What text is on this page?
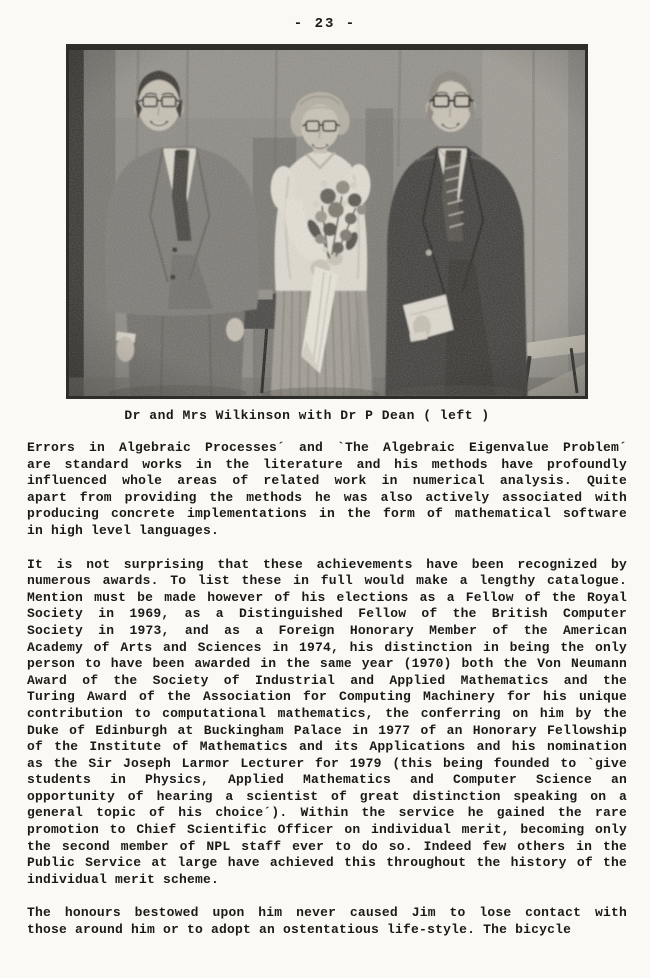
- 23 -
Dr and Mrs Wilkinson with Dr P Dean ( left )

Errors in Algebraic Processes´ and `The Algebraic Eigenvalue Problem´
are standard works in the literature and his methods have profoundly
influenced whole areas of related work in numerical analysis. Quite
apart from providing the methods he was also actively associated with
producing concrete implementations in the form of mathematical software
in high level languages.

It is not surprising that these achievements have been recognized by
numerous awards. To list these in full would make a lengthy catalogue.
Mention must be made however of his elections as a Fellow of the Royal
Society in 1969, as a Distinguished Fellow of the British Computer
Society in 1973, and as a Foreign Honorary Member of the American
Academy of Arts and Sciences in 1974, his distinction in being the only
person to have been awarded in the same year (1970) both the Von Neumann
Award of the Society of Industrial and Applied Mathematics and the
Turing Award of the Association for Computing Machinery for his unique
contribution to computational mathematics, the conferring on him by the
Duke of Edinburgh at Buckingham Palace in 1977 of an Honorary Fellowship
of the Institute of Mathematics and its Applications and his nomination
as the Sir Joseph Larmor Lecturer for 1979 (this being founded to `give
students in Physics, Applied Mathematics and Computer Science an
opportunity of hearing a scientist of great distinction speaking on a
general topic of his choice´). Within the service he gained the rare
promotion to Chief Scientific Officer on individual merit, becoming only
the second member of NPL staff ever to do so. Indeed few others in the
Public Service at large have achieved this throughout the history of the
individual merit scheme.

The honours bestowed upon him never caused Jim to lose contact with
those around him or to adopt an ostentatious life-style. The bicycle
